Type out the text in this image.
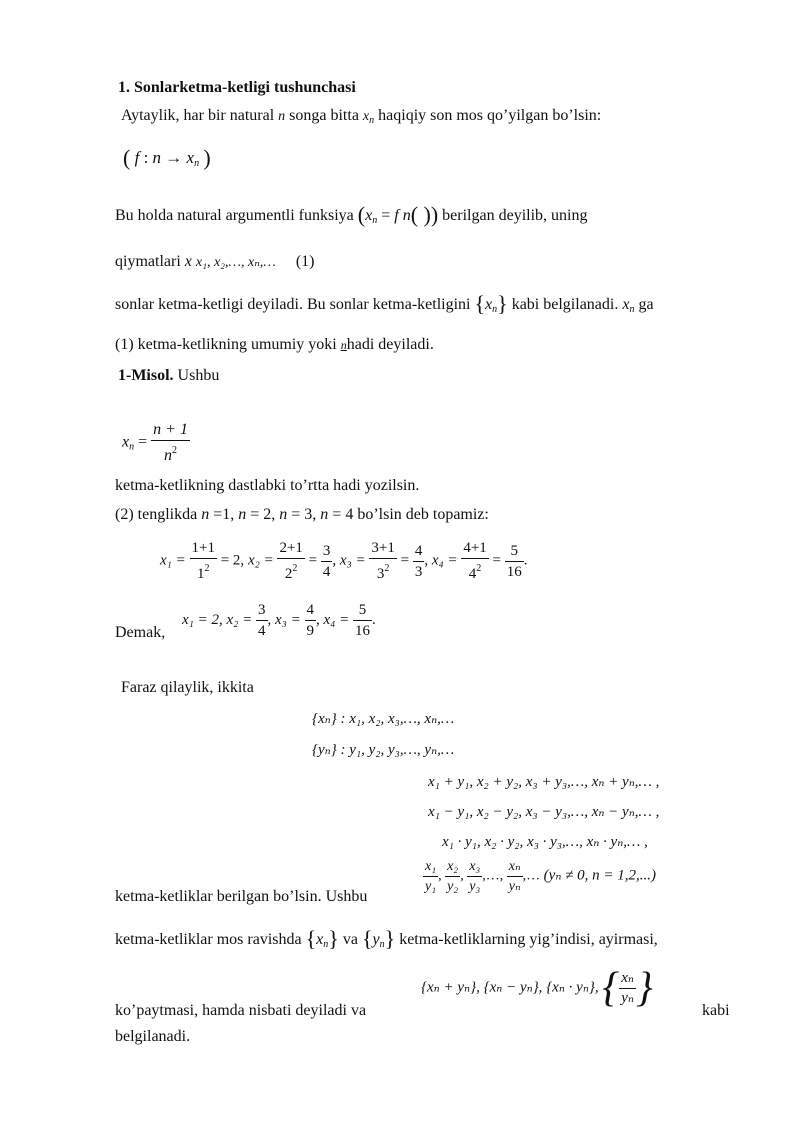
1. Sonlarketma-ketligi tushunchasi
Aytaylik, har bir natural n songa bitta $x_n$ haqiqiy son mos qo’yilgan bo’lsin:
( f : $n \to x_n$ )
Bu holda natural argumentli funksiya ($x_n = f$ n( )) berilgan deyilib, uning
qiymatlari x x₁, x₂,…, xₙ,… (1)
sonlar ketma-ketligi deyiladi. Bu sonlar ketma-ketligini $\{x_n\}$ kabi belgilanadi. $x_n$ ga
(1) ketma-ketlikning umumiy yoki nhadi deyiladi.
1-Misol. Ushbu
$x_n = \frac{n + 1}{n^2}$
ketma-ketlikning dastlabki to’rtta hadi yozilsin.
(2) tenglikda n =1, n = 2, n = 3, n = 4 bo’lsin deb topamiz:
$x_1 = \frac{1+1}{1^2} = 2$, $x_2 = \frac{2+1}{2^2} = \frac{3}{4}$ , $x_3 = \frac{3+1}{3^2} = \frac{4}{3}$ , $x_4 = \frac{4+1}{4^2} = \frac{5}{16}$ .
Demak,
x₁ = 2, $x_2 = \frac{3}{4}$ , $x_3 = \frac{4}{9}$ , $x_4 = \frac{5}{16}$ .
Faraz qilaylik, ikkita
{xₙ} : x₁, x₂, x₃,…, xₙ,…
{yₙ} : y₁, y₂, y₃,…, yₙ,…
x₁ + y₁, x₂ + y₂, x₃ + y₃,…, xₙ + yₙ,… ,
x₁ − y₁, x₂ − y₂, x₃ − y₃,…, xₙ − yₙ,… ,
x₁ · y₁, x₂ · y₂, x₃ · y₃,…, xₙ · yₙ,… ,
$\frac{\text{x₁}}{\text{y₁}}$ , $\frac{\text{x₂}}{\text{y₂}}$ , $\frac{\text{x₃}}{\text{y₃}}$ ,…, $\frac{\text{xₙ}}{\text{yₙ}}$ ,… (yₙ ≠ 0, n = 1,2,...)
ketma-ketliklar berilgan bo’lsin. Ushbu
ketma-ketliklar mos ravishda $\{x_n\}$ va $\{y_n\}$ ketma-ketliklarning yig’indisi, ayirmasi,
{xₙ + yₙ}, {xₙ − yₙ}, {xₙ · yₙ}, { $\frac{\text{xₙ}}{\text{yₙ}}$ }
ko’paytmasi, hamda nisbati deyiladi va	kabi
belgilanadi.
